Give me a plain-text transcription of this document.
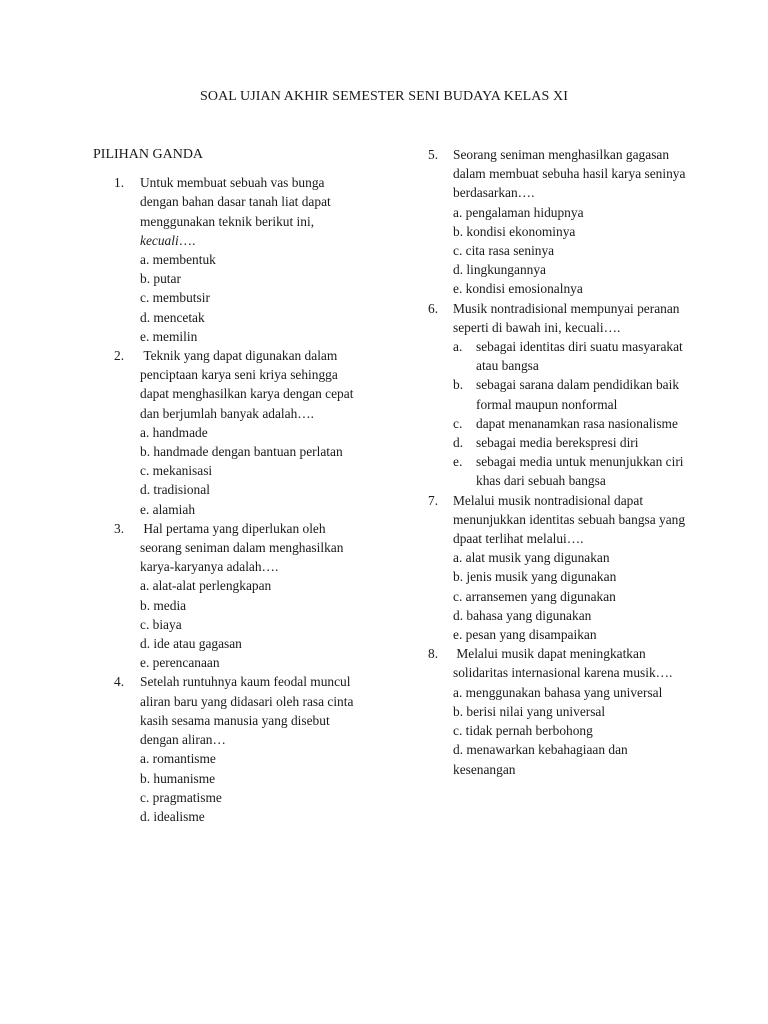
SOAL UJIAN AKHIR SEMESTER SENI BUDAYA KELAS XI
PILIHAN GANDA
1. Untuk membuat sebuah vas bunga dengan bahan dasar tanah liat dapat menggunakan teknik berikut ini, kecuali….
a. membentuk
b. putar
c. membutsir
d. mencetak
e. memilin
2. Teknik yang dapat digunakan dalam penciptaan karya seni kriya sehingga dapat menghasilkan karya dengan cepat dan berjumlah banyak adalah….
a. handmade
b. handmade dengan bantuan perlatan
c. mekanisasi
d. tradisional
e. alamiah
3. Hal pertama yang diperlukan oleh seorang seniman dalam menghasilkan karya-karyanya adalah….
a. alat-alat perlengkapan
b. media
c. biaya
d. ide atau gagasan
e. perencanaan
4. Setelah runtuhnya kaum feodal muncul aliran baru yang didasari oleh rasa cinta kasih sesama manusia yang disebut dengan aliran…
a. romantisme
b. humanisme
c. pragmatisme
d. idealisme
5. Seorang seniman menghasilkan gagasan dalam membuat sebuha hasil karya seninya berdasarkan….
a. pengalaman hidupnya
b. kondisi ekonominya
c. cita rasa seninya
d. lingkungannya
e. kondisi emosionalnya
6. Musik nontradisional mempunyai peranan seperti di bawah ini, kecuali….
a. sebagai identitas diri suatu masyarakat atau bangsa
b. sebagai sarana dalam pendidikan baik formal maupun nonformal
c. dapat menanamkan rasa nasionalisme
d. sebagai media berekspresi diri
e. sebagai media untuk menunjukkan ciri khas dari sebuah bangsa
7. Melalui musik nontradisional dapat menunjukkan identitas sebuah bangsa yang dpaat terlihat melalui….
a. alat musik yang digunakan
b. jenis musik yang digunakan
c. arransemen yang digunakan
d. bahasa yang digunakan
e. pesan yang disampaikan
8. Melalui musik dapat meningkatkan solidaritas internasional karena musik….
a. menggunakan bahasa yang universal
b. berisi nilai yang universal
c. tidak pernah berbohong
d. menawarkan kebahagiaan dan kesenangan
